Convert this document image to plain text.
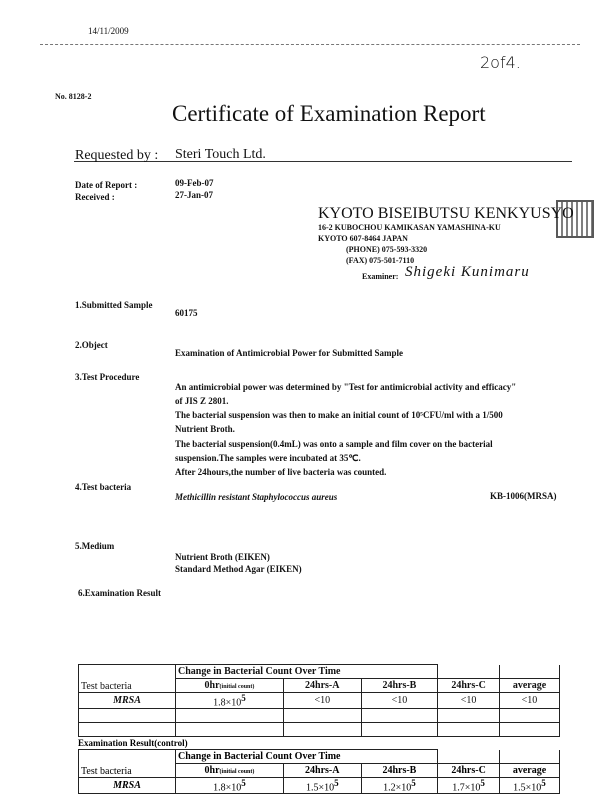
14/11/2009
2of4.
No. 8128-2
Certificate of Examination Report
Requested by : Steri Touch Ltd.
Date of Report :	09-Feb-07
Received :	27-Jan-07
KYOTO BISEIBUTSU KENKYUSYO
16-2 KUBOCHOU KAMIKASAN YAMASHINA-KU
KYOTO 607-8464 JAPAN
(PHONE) 075-593-3320
(FAX) 075-501-7110
Examiner: Shigeki Kunimaru
1.Submitted Sample
60175
2.Object
Examination of Antimicrobial Power for Submitted Sample
3.Test Procedure
An antimicrobial power was determined by "Test for antimicrobial activity and efficacy"
of JIS Z 2801.
The bacterial suspension was then to make an initial count of 10⁵CFU/ml with a 1/500
Nutrient Broth.
The bacterial suspension(0.4mL) was onto a sample and film cover on the bacterial
suspension.The samples were incubated at 35℃.
After 24hours,the number of live bacteria was counted.
4.Test bacteria
Methicillin resistant Staphylococcus aureus	KB-1006(MRSA)
5.Medium
Nutrient Broth (EIKEN)
Standard Method Agar (EIKEN)
6.Examination Result
Test bacteria	Change in Bacterial Count Over Time				
	0hr(initial count)	24hrs-A	24hrs-B	24hrs-C	average
MRSA	$1.8\times 10^5$	<10	<10	<10	<10

Examination Result(control)
Test bacteria	Change in Bacterial Count Over Time				
	0hr(initial count)	24hrs-A	24hrs-B	24hrs-C	average
MRSA	$1.8\times 10^5$	$1.5\times 10^5$	$1.2\times 10^5$	$1.7\times 10^5$	$1.5\times 10^5$
